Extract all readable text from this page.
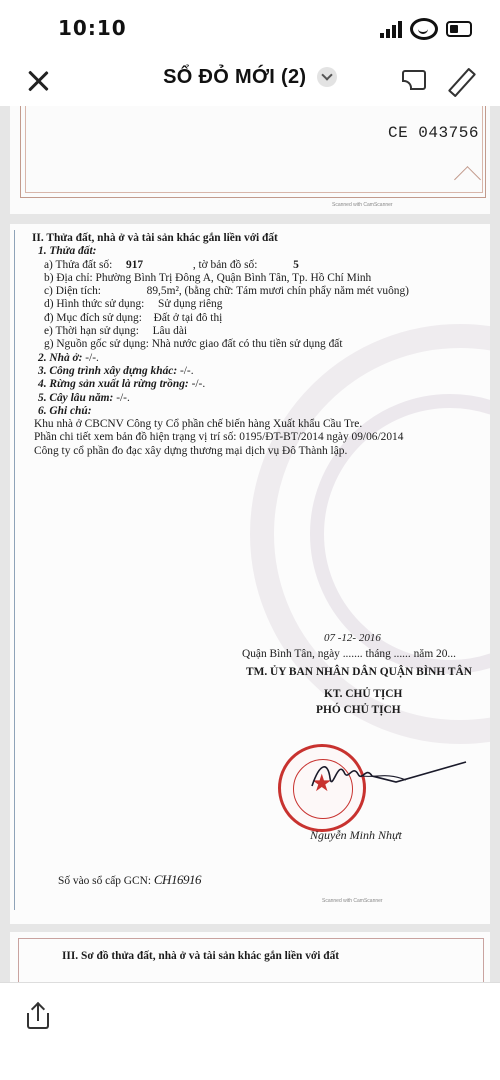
10:10
SỔ ĐỎ MỚI (2)
CE 043756
Scanned with CamScanner
II. Thửa đất, nhà ở và tài sản khác gắn liền với đất
1. Thửa đất:
a) Thửa đất số: 917	, tờ bản đồ số:	5
b) Địa chỉ: Phường Bình Trị Đông A, Quận Bình Tân, Tp. Hồ Chí Minh
c) Diện tích:	89,5m², (bằng chữ: Tám mươi chín phẩy năm mét vuông)
d) Hình thức sử dụng: Sử dụng riêng
đ) Mục đích sử dụng: Đất ở tại đô thị
e) Thời hạn sử dụng: Lâu dài
g) Nguồn gốc sử dụng: Nhà nước giao đất có thu tiền sử dụng đất
2. Nhà ở: -/-.
3. Công trình xây dựng khác: -/-.
4. Rừng sản xuất là rừng trồng: -/-.
5. Cây lâu năm: -/-.
6. Ghi chú:
Khu nhà ở CBCNV Công ty Cổ phần chế biến hàng Xuất khẩu Cầu Tre.
Phần chi tiết xem bản đồ hiện trạng vị trí số: 0195/ĐT-BT/2014 ngày 09/06/2014
Công ty cổ phần đo đạc xây dựng thương mại dịch vụ Đô Thành lập.
07 -12- 2016
Quận Bình Tân, ngày ....... tháng ...... năm 20...
TM. ỦY BAN NHÂN DÂN QUẬN BÌNH TÂN
KT. CHỦ TỊCH
PHÓ CHỦ TỊCH
★
Nguyễn Minh Nhựt
Số vào sổ cấp GCN: CH16916
Scanned with CamScanner
III. Sơ đồ thửa đất, nhà ở và tài sản khác gắn liền với đất
